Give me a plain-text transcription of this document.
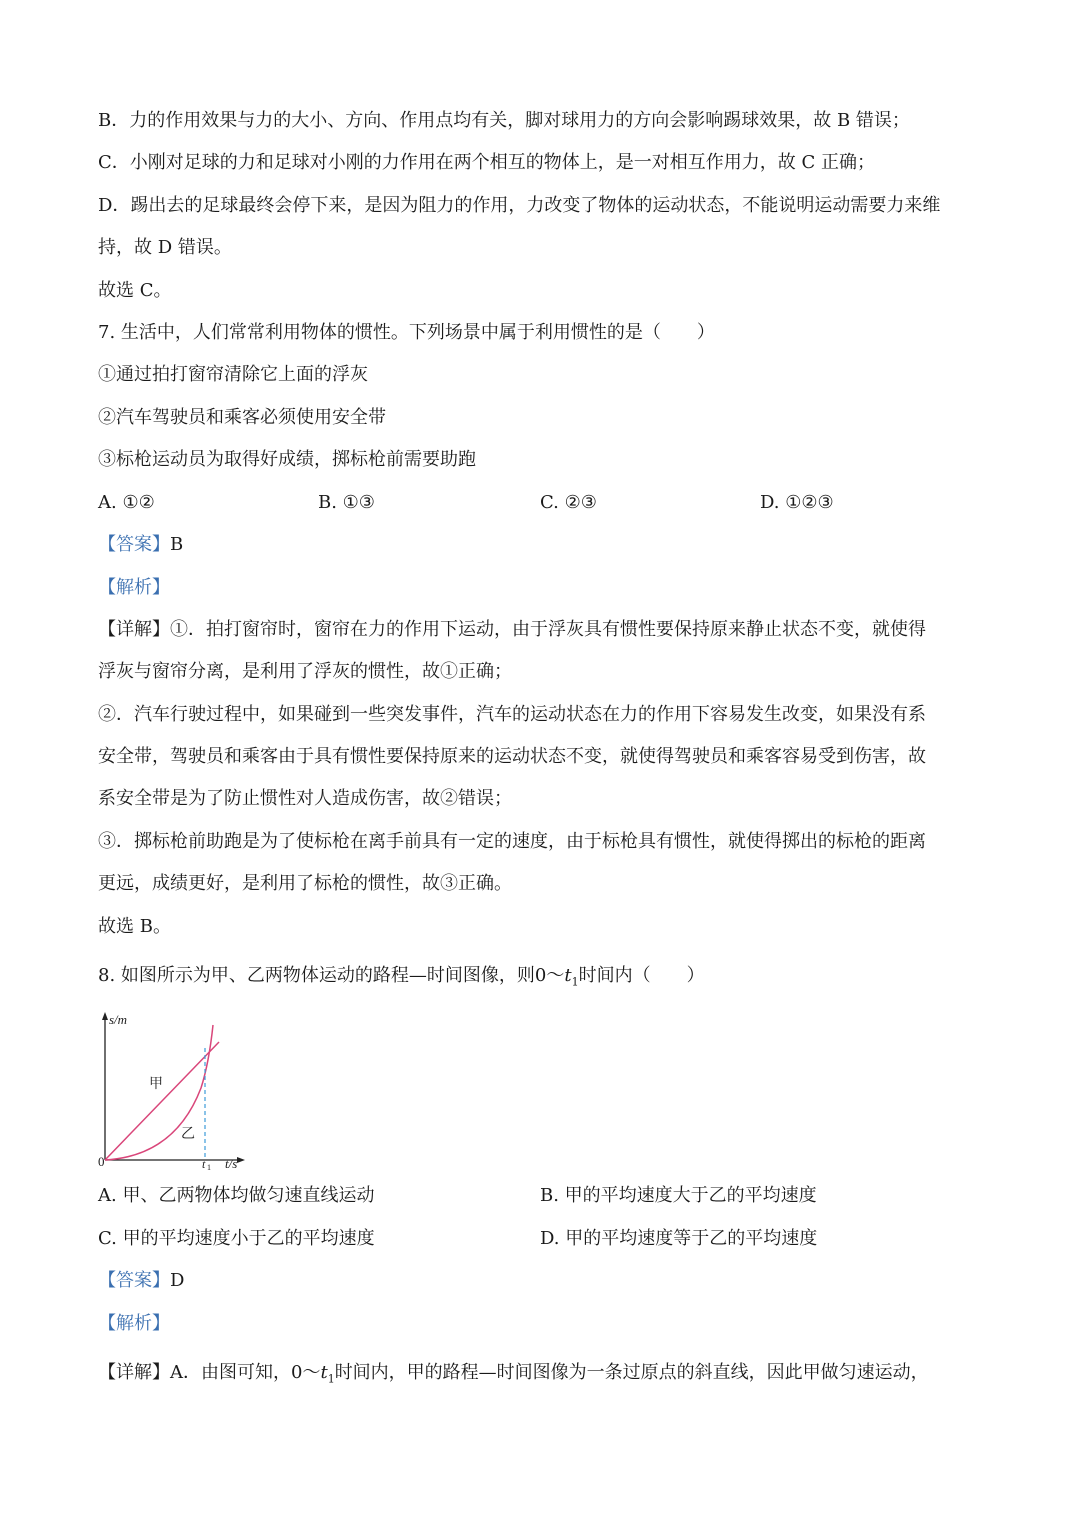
B．力的作用效果与力的大小、方向、作用点均有关，脚对球用力的方向会影响踢球效果，故 B 错误；
C．小刚对足球的力和足球对小刚的力作用在两个相互的物体上，是一对相互作用力，故 C 正确；
D．踢出去的足球最终会停下来，是因为阻力的作用，力改变了物体的运动状态，不能说明运动需要力来维
持，故 D 错误。
故选 C。
7. 生活中，人们常常利用物体的惯性。下列场景中属于利用惯性的是（　　）
①通过拍打窗帘清除它上面的浮灰
②汽车驾驶员和乘客必须使用安全带
③标枪运动员为取得好成绩，掷标枪前需要助跑
A. ①②	B. ①③	C. ②③	D. ①②③
【答案】B
【解析】
【详解】①．拍打窗帘时，窗帘在力的作用下运动，由于浮灰具有惯性要保持原来静止状态不变，就使得
浮灰与窗帘分离，是利用了浮灰的惯性，故①正确；
②．汽车行驶过程中，如果碰到一些突发事件，汽车的运动状态在力的作用下容易发生改变，如果没有系
安全带，驾驶员和乘客由于具有惯性要保持原来的运动状态不变，就使得驾驶员和乘客容易受到伤害，故
系安全带是为了防止惯性对人造成伤害，故②错误；
③．掷标枪前助跑是为了使标枪在离手前具有一定的速度，由于标枪具有惯性，就使得掷出的标枪的距离
更远，成绩更好，是利用了标枪的惯性，故③正确。
故选 B。
8. 如图所示为甲、乙两物体运动的路程—时间图像，则$0\sim t_1$时间内（　　）
s/m
甲
乙
0	t 1 t/s
A. 甲、乙两物体均做匀速直线运动	B. 甲的平均速度大于乙的平均速度
C. 甲的平均速度小于乙的平均速度	D. 甲的平均速度等于乙的平均速度
【答案】D
【解析】
【详解】A．由图可知，$0\sim t_1$时间内，甲的路程—时间图像为一条过原点的斜直线，因此甲做匀速运动，
